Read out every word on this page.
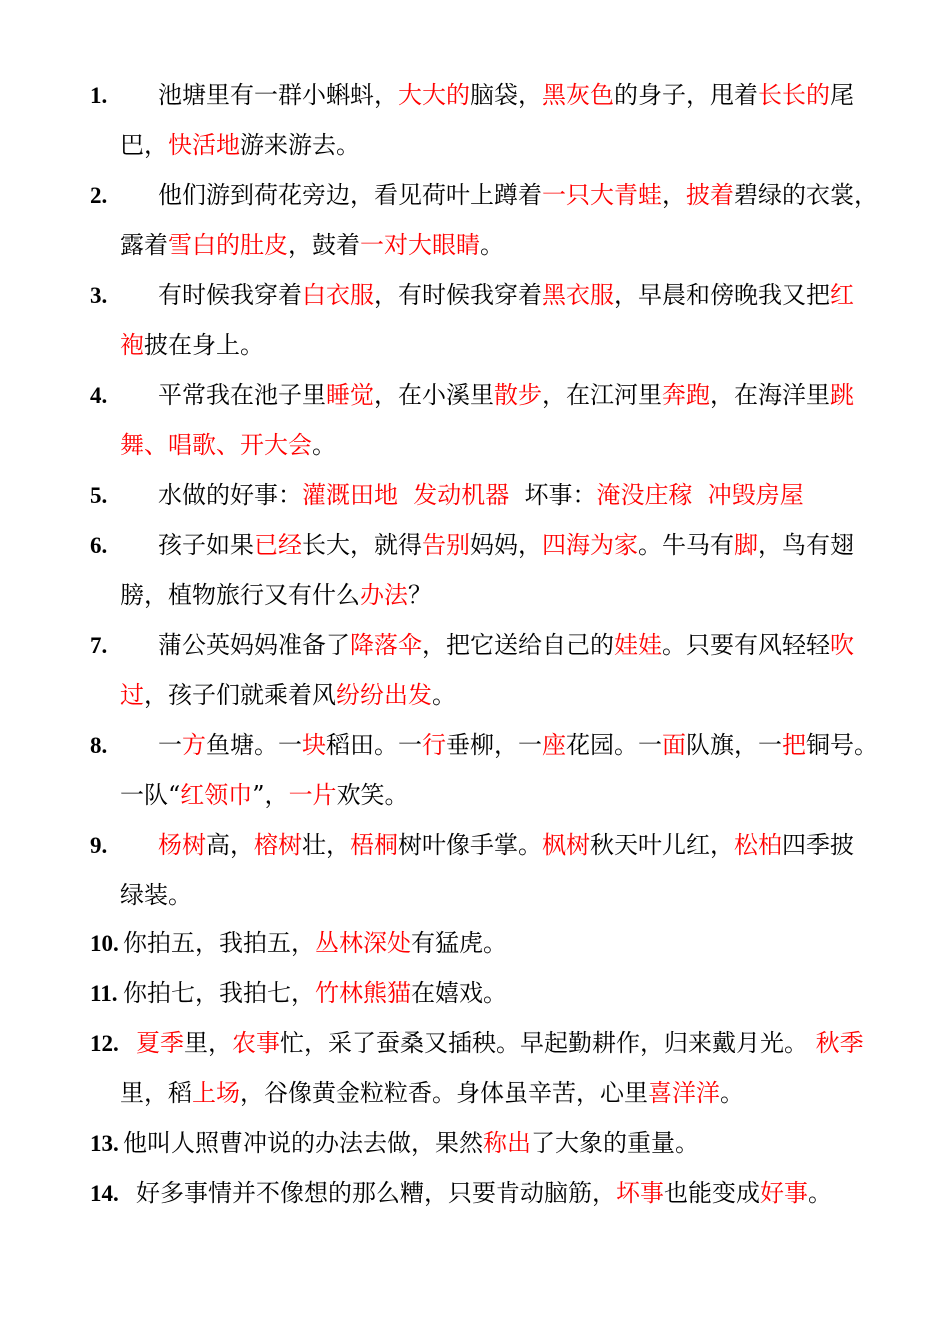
1. 池塘里有一群小蝌蚪，大大的脑袋，黑灰色的身子，甩着长长的尾
巴，快活地游来游去。
2. 他们游到荷花旁边，看见荷叶上蹲着一只大青蛙，披着碧绿的衣裳，
露着雪白的肚皮，鼓着一对大眼睛。
3. 有时候我穿着白衣服，有时候我穿着黑衣服，早晨和傍晚我又把红
袍披在身上。
4. 平常我在池子里睡觉，在小溪里散步，在江河里奔跑，在海洋里跳
舞、唱歌、开大会。
5. 水做的好事：灌溉田地 发动机器  坏事：淹没庄稼 冲毁房屋
6. 孩子如果已经长大，就得告别妈妈，四海为家。牛马有脚，鸟有翅
膀，植物旅行又有什么办法？
7. 蒲公英妈妈准备了降落伞，把它送给自己的娃娃。只要有风轻轻吹
过，孩子们就乘着风纷纷出发。
8. 一方鱼塘。一块稻田。一行垂柳，一座花园。一面队旗，一把铜号。
一队“红领巾”，一片欢笑。
9. 杨树高，榕树壮，梧桐树叶像手掌。枫树秋天叶儿红，松柏四季披
绿装。
10. 你拍五，我拍五，丛林深处有猛虎。
11. 你拍七，我拍七，竹林熊猫在嬉戏。
12. 夏季里，农事忙，采了蚕桑又插秧。早起勤耕作，归来戴月光。 秋季
里，稻上场，谷像黄金粒粒香。身体虽辛苦，心里喜洋洋。
13. 他叫人照曹冲说的办法去做，果然称出了大象的重量。
14. 好多事情并不像想的那么糟，只要肯动脑筋，坏事也能变成好事。
